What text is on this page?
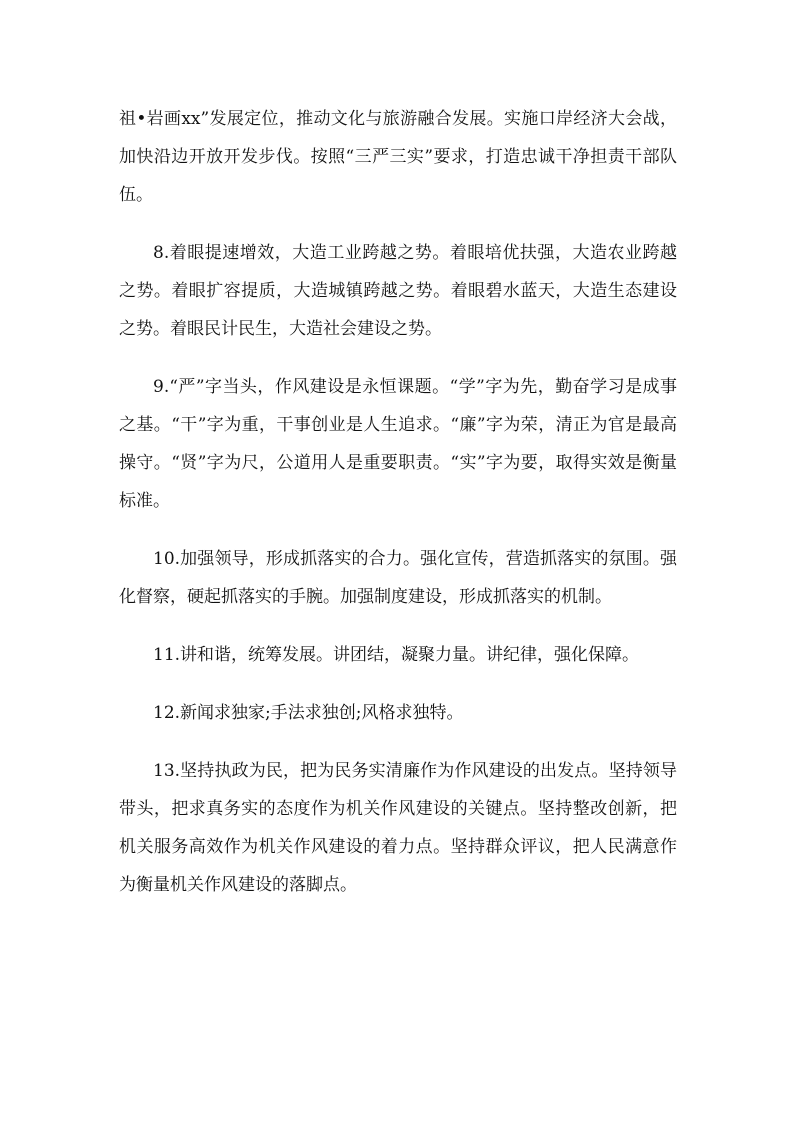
祖•岩画xx”发展定位，推动文化与旅游融合发展。实施口岸经济大会战，加快沿边开放开发步伐。按照“三严三实”要求，打造忠诚干净担责干部队伍。

8.着眼提速增效，大造工业跨越之势。着眼培优扶强，大造农业跨越之势。着眼扩容提质，大造城镇跨越之势。着眼碧水蓝天，大造生态建设之势。着眼民计民生，大造社会建设之势。

9.“严”字当头，作风建设是永恒课题。“学”字为先，勤奋学习是成事之基。“干”字为重，干事创业是人生追求。“廉”字为荣，清正为官是最高操守。“贤”字为尺，公道用人是重要职责。“实”字为要，取得实效是衡量标准。

10.加强领导，形成抓落实的合力。强化宣传，营造抓落实的氛围。强化督察，硬起抓落实的手腕。加强制度建设，形成抓落实的机制。

11.讲和谐，统筹发展。讲团结，凝聚力量。讲纪律，强化保障。

12.新闻求独家;手法求独创;风格求独特。

13.坚持执政为民，把为民务实清廉作为作风建设的出发点。坚持领导带头，把求真务实的态度作为机关作风建设的关键点。坚持整改创新，把机关服务高效作为机关作风建设的着力点。坚持群众评议，把人民满意作为衡量机关作风建设的落脚点。
